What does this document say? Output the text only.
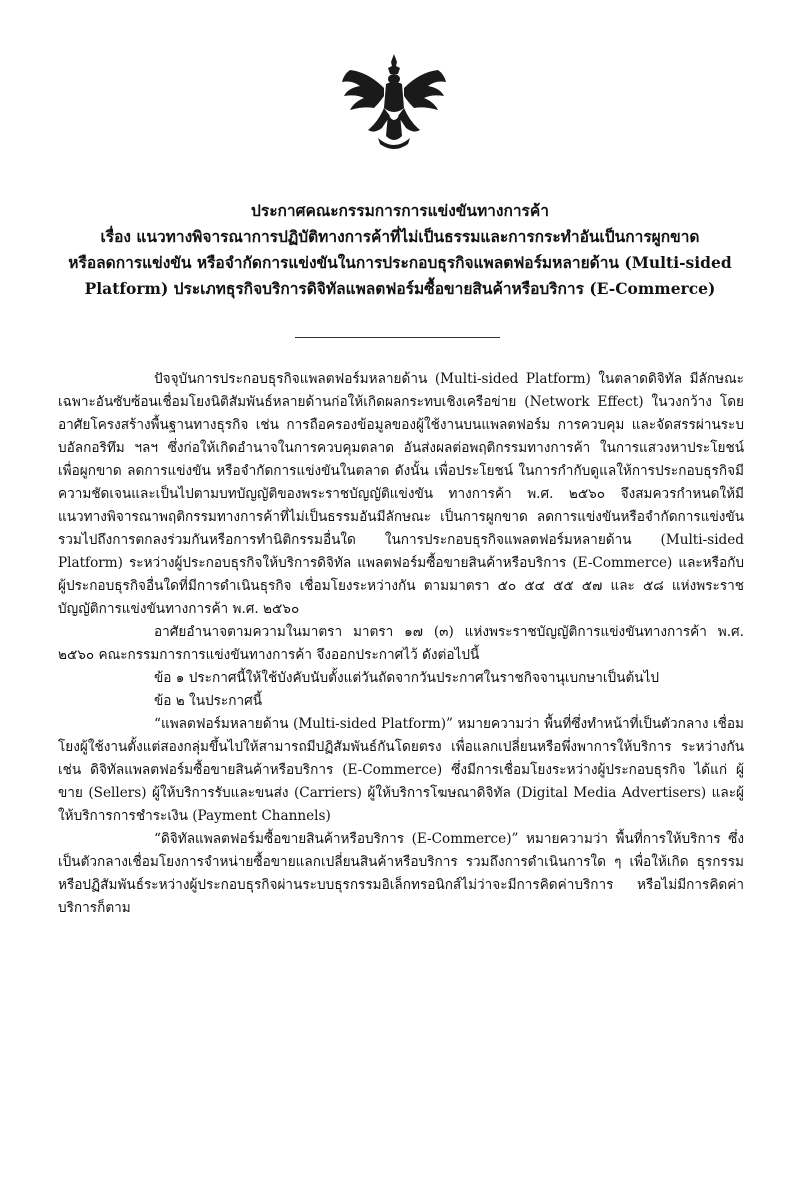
ประกาศคณะกรรมการการแข่งขันทางการค้า

เรื่อง แนวทางพิจารณาการปฏิบัติทางการค้าที่ไม่เป็นธรรมและการกระทำอันเป็นการผูกขาด

หรือลดการแข่งขัน หรือจำกัดการแข่งขันในการประกอบธุรกิจแพลตฟอร์มหลายด้าน (Multi-sided

Platform) ประเภทธุรกิจบริการดิจิทัลแพลตฟอร์มซื้อขายสินค้าหรือบริการ (E-Commerce)

ปัจจุบันการประกอบธุรกิจแพลตฟอร์มหลายด้าน (Multi-sided Platform) ในตลาดดิจิทัล มีลักษณะเฉพาะอันซับซ้อนเชื่อมโยงนิติสัมพันธ์หลายด้านก่อให้เกิดผลกระทบเชิงเครือข่าย (Network Effect) ในวงกว้าง โดยอาศัยโครงสร้างพื้นฐานทางธุรกิจ เช่น การถือครองข้อมูลของผู้ใช้งานบนแพลตฟอร์ม การควบคุม และจัดสรรผ่านระบบอัลกอริทึม ฯลฯ ซึ่งก่อให้เกิดอำนาจในการควบคุมตลาด อันส่งผลต่อพฤติกรรมทางการค้า ในการแสวงหาประโยชน์เพื่อผูกขาด ลดการแข่งขัน หรือจำกัดการแข่งขันในตลาด ดังนั้น เพื่อประโยชน์ ในการกำกับดูแลให้การประกอบธุรกิจมีความชัดเจนและเป็นไปตามบทบัญญัติของพระราชบัญญัติแข่งขัน ทางการค้า พ.ศ. ๒๕๖๐ จึงสมควรกำหนดให้มีแนวทางพิจารณาพฤติกรรมทางการค้าที่ไม่เป็นธรรมอันมีลักษณะ เป็นการผูกขาด ลดการแข่งขันหรือจำกัดการแข่งขัน รวมไปถึงการตกลงร่วมกันหรือการทำนิติกรรมอื่นใด ในการประกอบธุรกิจแพลตฟอร์มหลายด้าน (Multi-sided Platform) ระหว่างผู้ประกอบธุรกิจให้บริการดิจิทัล แพลตฟอร์มซื้อขายสินค้าหรือบริการ (E-Commerce) และหรือกับผู้ประกอบธุรกิจอื่นใดที่มีการดำเนินธุรกิจ เชื่อมโยงระหว่างกัน ตามมาตรา ๕๐ ๕๔ ๕๕ ๕๗ และ ๕๘ แห่งพระราชบัญญัติการแข่งขันทางการค้า พ.ศ. ๒๕๖๐

อาศัยอำนาจตามความในมาตรา มาตรา ๑๗ (๓) แห่งพระราชบัญญัติการแข่งขันทางการค้า พ.ศ. ๒๕๖๐ คณะกรรมการการแข่งขันทางการค้า จึงออกประกาศไว้ ดังต่อไปนี้

ข้อ ๑ ประกาศนี้ให้ใช้บังคับนับตั้งแต่วันถัดจากวันประกาศในราชกิจจานุเบกษาเป็นต้นไป

ข้อ ๒ ในประกาศนี้

“แพลตฟอร์มหลายด้าน (Multi-sided Platform)” หมายความว่า พื้นที่ซึ่งทำหน้าที่เป็นตัวกลาง เชื่อมโยงผู้ใช้งานตั้งแต่สองกลุ่มขึ้นไปให้สามารถมีปฏิสัมพันธ์กันโดยตรง เพื่อแลกเปลี่ยนหรือพึ่งพาการให้บริการ ระหว่างกัน เช่น ดิจิทัลแพลตฟอร์มซื้อขายสินค้าหรือบริการ (E-Commerce) ซึ่งมีการเชื่อมโยงระหว่างผู้ประกอบธุรกิจ ได้แก่ ผู้ขาย (Sellers) ผู้ให้บริการรับและขนส่ง (Carriers) ผู้ให้บริการโฆษณาดิจิทัล (Digital Media Advertisers) และผู้ให้บริการการชำระเงิน (Payment Channels)

“ดิจิทัลแพลตฟอร์มซื้อขายสินค้าหรือบริการ (E-Commerce)” หมายความว่า พื้นที่การให้บริการ ซึ่งเป็นตัวกลางเชื่อมโยงการจำหน่ายซื้อขายแลกเปลี่ยนสินค้าหรือบริการ รวมถึงการดำเนินการใด ๆ เพื่อให้เกิด ธุรกรรมหรือปฏิสัมพันธ์ระหว่างผู้ประกอบธุรกิจผ่านระบบธุรกรรมอิเล็กทรอนิกส์ไม่ว่าจะมีการคิดค่าบริการ หรือไม่มีการคิดค่าบริการก็ตาม
